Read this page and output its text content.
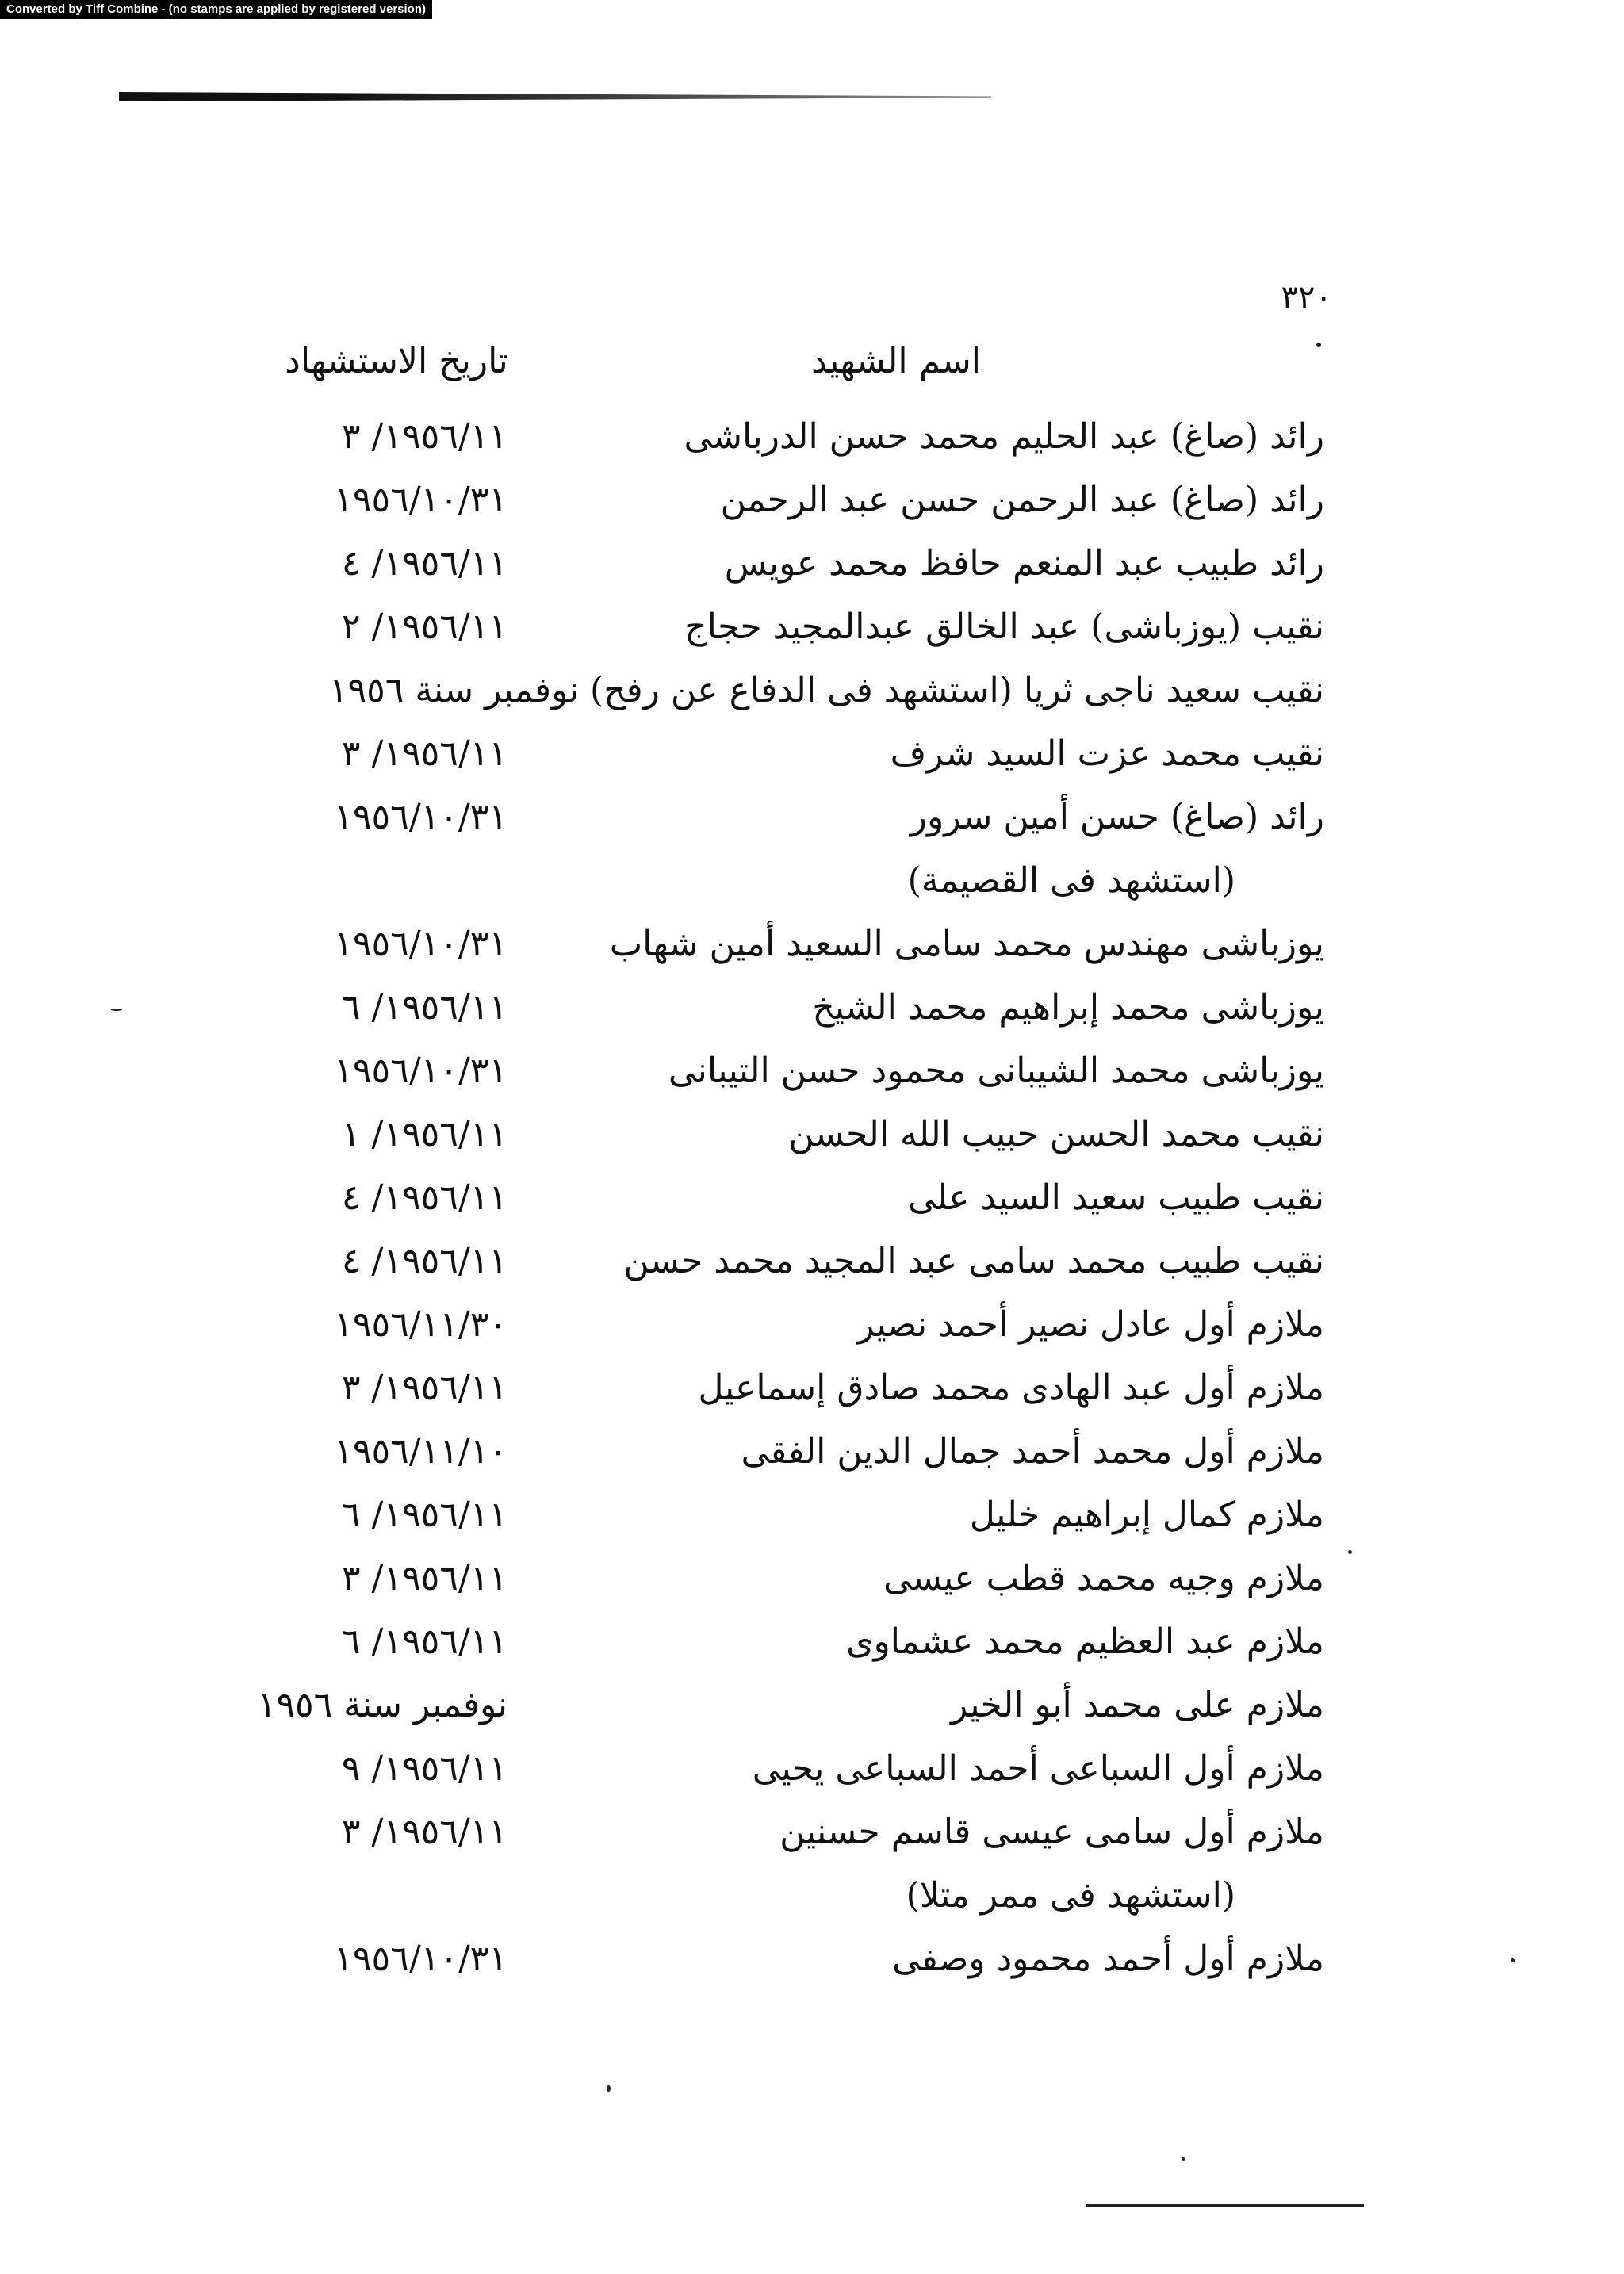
Converted by Tiff Combine - (no stamps are applied by registered version)
٣٢٠
اسم الشهيد
تاريخ الاستشهاد
رائد (صاغ) عبد الحليم محمد حسن الدرباشى
١٩٥٦/١١/ ٣
رائد (صاغ) عبد الرحمن حسن عبد الرحمن
١٩٥٦/١٠/٣١
رائد طبيب عبد المنعم حافظ محمد عويس
١٩٥٦/١١/ ٤
نقيب (يوزباشى) عبد الخالق عبدالمجيد حجاج
١٩٥٦/١١/ ٢
نقيب سعيد ناجى ثريا (استشهد فى الدفاع عن رفح) نوفمبر سنة ١٩٥٦
نقيب محمد عزت السيد شرف
١٩٥٦/١١/ ٣
رائد (صاغ) حسن أمين سرور
١٩٥٦/١٠/٣١
(استشهد فى القصيمة)
يوزباشى مهندس محمد سامى السعيد أمين شهاب
١٩٥٦/١٠/٣١
يوزباشى محمد إبراهيم محمد الشيخ
١٩٥٦/١١/ ٦
يوزباشى محمد الشيبانى محمود حسن التيبانى
١٩٥٦/١٠/٣١
نقيب محمد الحسن حبيب الله الحسن
١٩٥٦/١١/ ١
نقيب طبيب سعيد السيد على
١٩٥٦/١١/ ٤
نقيب طبيب محمد سامى عبد المجيد محمد حسن
١٩٥٦/١١/ ٤
ملازم أول عادل نصير أحمد نصير
١٩٥٦/١١/٣٠
ملازم أول عبد الهادى محمد صادق إسماعيل
١٩٥٦/١١/ ٣
ملازم أول محمد أحمد جمال الدين الفقى
١٩٥٦/١١/١٠
ملازم كمال إبراهيم خليل
١٩٥٦/١١/ ٦
ملازم وجيه محمد قطب عيسى
١٩٥٦/١١/ ٣
ملازم عبد العظيم محمد عشماوى
١٩٥٦/١١/ ٦
ملازم على محمد أبو الخير
نوفمبر سنة ١٩٥٦
ملازم أول السباعى أحمد السباعى يحيى
١٩٥٦/١١/ ٩
ملازم أول سامى عيسى قاسم حسنين
١٩٥٦/١١/ ٣
(استشهد فى ممر متلا)
ملازم أول أحمد محمود وصفى
١٩٥٦/١٠/٣١
